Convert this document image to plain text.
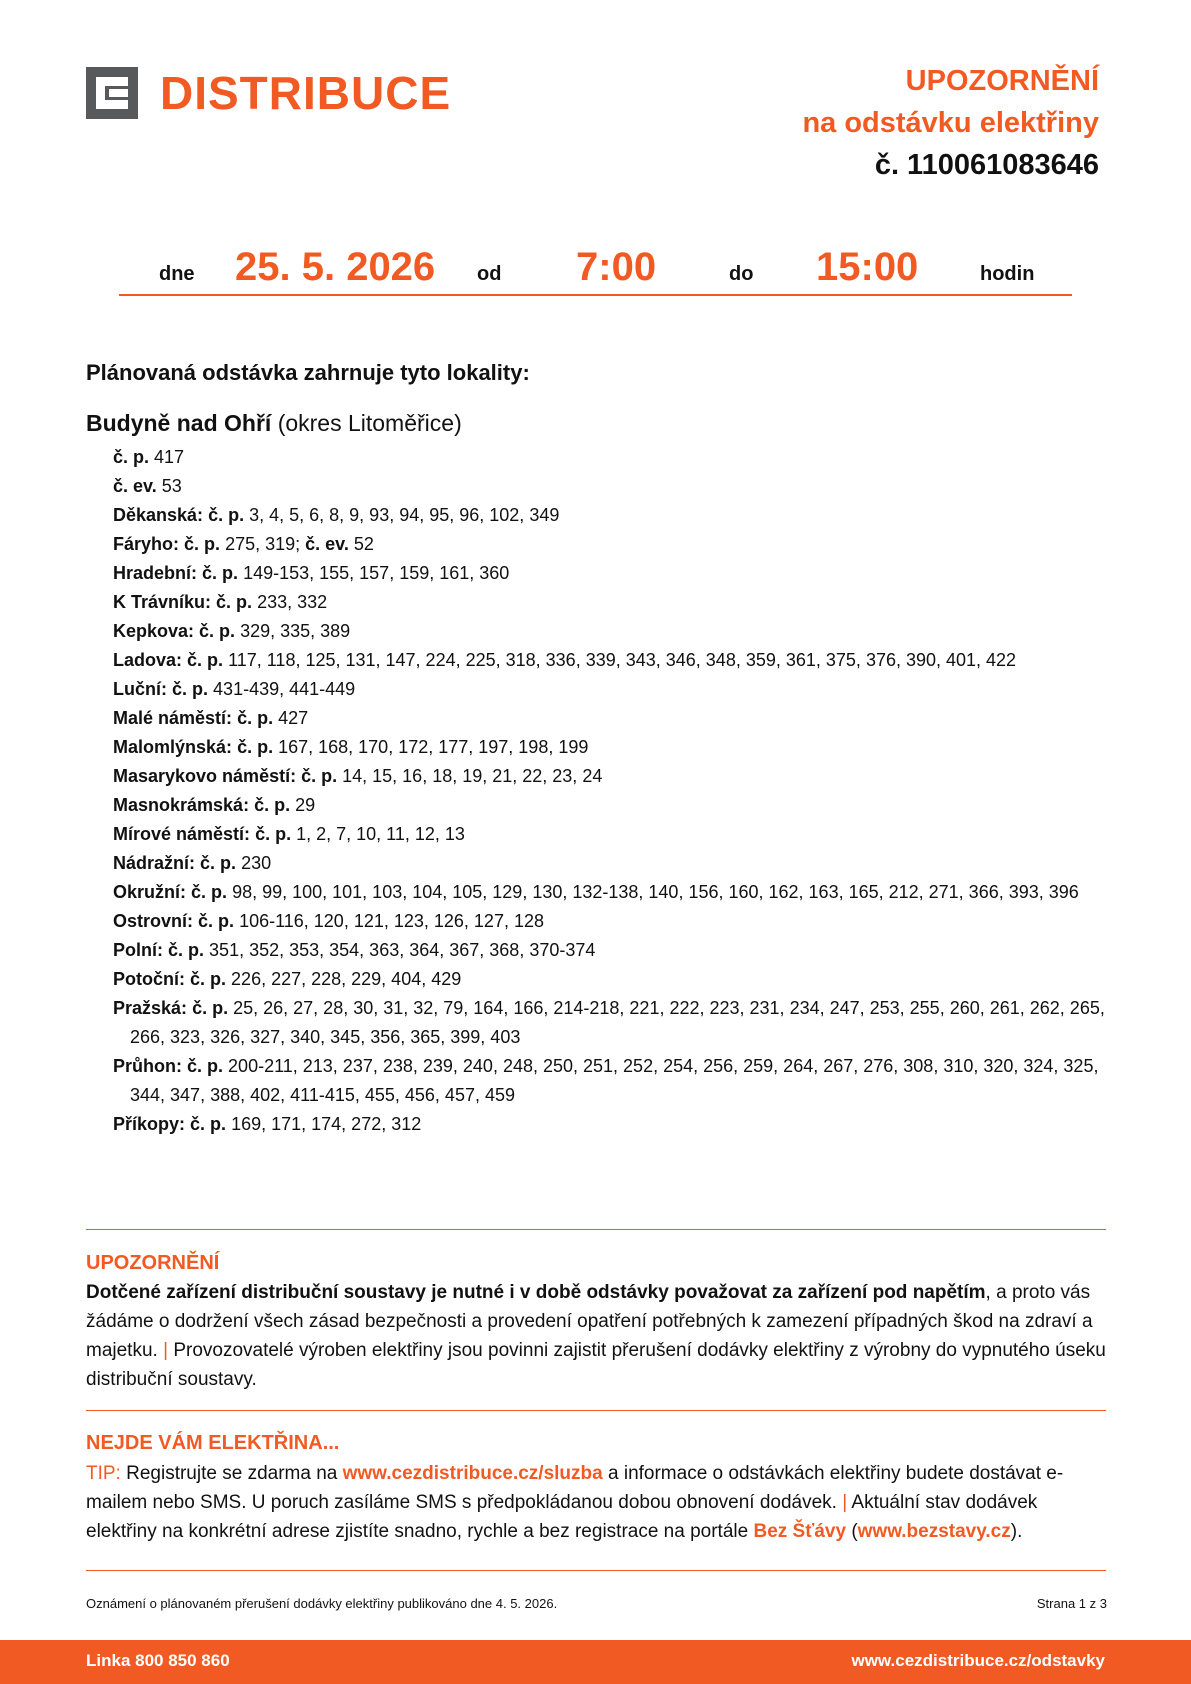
DISTRIBUCE	UPOZORNĚNÍ
na odstávku elektřiny
č. 110061083646
dne 25. 5. 2026 od 7:00	do 15:00	hodin
Plánovaná odstávka zahrnuje tyto lokality:
Budyně nad Ohří (okres Litoměřice)
č. p. 417
č. ev. 53
Děkanská: č. p. 3, 4, 5, 6, 8, 9, 93, 94, 95, 96, 102, 349
Fáryho: č. p. 275, 319; č. ev. 52
Hradební: č. p. 149-153, 155, 157, 159, 161, 360
K Trávníku: č. p. 233, 332
Kepkova: č. p. 329, 335, 389
Ladova: č. p. 117, 118, 125, 131, 147, 224, 225, 318, 336, 339, 343, 346, 348, 359, 361, 375, 376, 390, 401, 422
Luční: č. p. 431-439, 441-449
Malé náměstí: č. p. 427
Malomlýnská: č. p. 167, 168, 170, 172, 177, 197, 198, 199
Masarykovo náměstí: č. p. 14, 15, 16, 18, 19, 21, 22, 23, 24
Masnokrámská: č. p. 29
Mírové náměstí: č. p. 1, 2, 7, 10, 11, 12, 13
Nádražní: č. p. 230
Okružní: č. p. 98, 99, 100, 101, 103, 104, 105, 129, 130, 132-138, 140, 156, 160, 162, 163, 165, 212, 271, 366, 393, 396
Ostrovní: č. p. 106-116, 120, 121, 123, 126, 127, 128
Polní: č. p. 351, 352, 353, 354, 363, 364, 367, 368, 370-374
Potoční: č. p. 226, 227, 228, 229, 404, 429
Pražská: č. p. 25, 26, 27, 28, 30, 31, 32, 79, 164, 166, 214-218, 221, 222, 223, 231, 234, 247, 253, 255, 260, 261, 262, 265, 266, 323, 326, 327, 340, 345, 356, 365, 399, 403
Průhon: č. p. 200-211, 213, 237, 238, 239, 240, 248, 250, 251, 252, 254, 256, 259, 264, 267, 276, 308, 310, 320, 324, 325, 344, 347, 388, 402, 411-415, 455, 456, 457, 459
Příkopy: č. p. 169, 171, 174, 272, 312
UPOZORNĚNÍ
Dotčené zařízení distribuční soustavy je nutné i v době odstávky považovat za zařízení pod napětím, a proto vás žádáme o dodržení všech zásad bezpečnosti a provedení opatření potřebných k zamezení případných škod na zdraví a majetku. | Provozovatelé výroben elektřiny jsou povinni zajistit přerušení dodávky elektřiny z výrobny do vypnutého úseku distribuční soustavy.
NEJDE VÁM ELEKTŘINA...
TIP: Registrujte se zdarma na www.cezdistribuce.cz/sluzba a informace o odstávkách elektřiny budete dostávat e-mailem nebo SMS. U poruch zasíláme SMS s předpokládanou dobou obnovení dodávek. | Aktuální stav dodávek elektřiny na konkrétní adrese zjistíte snadno, rychle a bez registrace na portále Bez Šťávy (www.bezstavy.cz).
Oznámení o plánovaném přerušení dodávky elektřiny publikováno dne 4. 5. 2026.	Strana 1 z 3
Linka 800 850 860	www.cezdistribuce.cz/odstavky
